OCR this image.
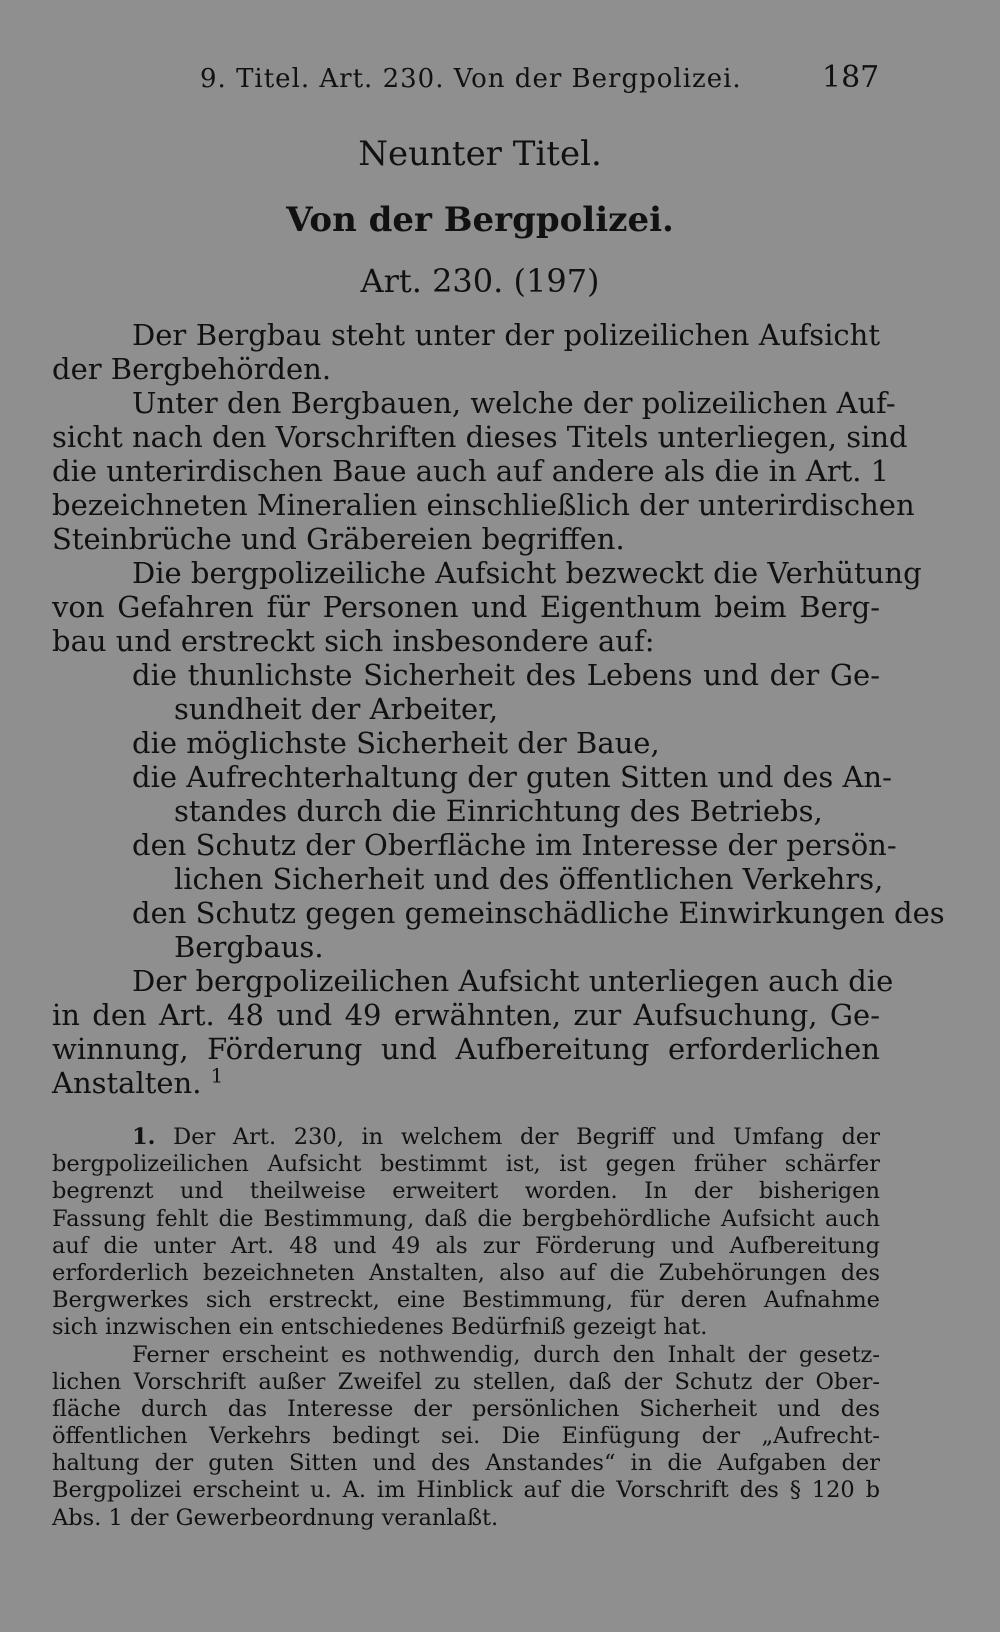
9. Titel. Art. 230. Von der Bergpolizei.	187
Neunter Titel.
Von der Bergpolizei.
Art. 230. (197)
Der Bergbau steht unter der polizeilichen Aufsicht
der Bergbehörden.
Unter den Bergbauen, welche der polizeilichen Auf-
sicht nach den Vorschriften dieses Titels unterliegen, sind
die unterirdischen Baue auch auf andere als die in Art. 1
bezeichneten Mineralien einschließlich der unterirdischen
Steinbrüche und Gräbereien begriffen.
Die bergpolizeiliche Aufsicht bezweckt die Verhütung
von Gefahren für Personen und Eigenthum beim Berg-
bau und erstreckt sich insbesondere auf:
die thunlichste Sicherheit des Lebens und der Ge-
sundheit der Arbeiter,
die möglichste Sicherheit der Baue,
die Aufrechterhaltung der guten Sitten und des An-
standes durch die Einrichtung des Betriebs,
den Schutz der Oberfläche im Interesse der persön-
lichen Sicherheit und des öffentlichen Verkehrs,
den Schutz gegen gemeinschädliche Einwirkungen des
Bergbaus.
Der bergpolizeilichen Aufsicht unterliegen auch die
in den Art. 48 und 49 erwähnten, zur Aufsuchung, Ge-
winnung, Förderung und Aufbereitung erforderlichen
Anstalten. $^1$
1. Der Art. 230, in welchem der Begriff und Umfang der
bergpolizeilichen Aufsicht bestimmt ist, ist gegen früher schärfer
begrenzt und theilweise erweitert worden. In der bisherigen
Fassung fehlt die Bestimmung, daß die bergbehördliche Aufsicht auch
auf die unter Art. 48 und 49 als zur Förderung und Aufbereitung
erforderlich bezeichneten Anstalten, also auf die Zubehörungen des
Bergwerkes sich erstreckt, eine Bestimmung, für deren Aufnahme
sich inzwischen ein entschiedenes Bedürfniß gezeigt hat.
Ferner erscheint es nothwendig, durch den Inhalt der gesetz-
lichen Vorschrift außer Zweifel zu stellen, daß der Schutz der Ober-
fläche durch das Interesse der persönlichen Sicherheit und des
öffentlichen Verkehrs bedingt sei. Die Einfügung der „Aufrecht-
haltung der guten Sitten und des Anstandes“ in die Aufgaben der
Bergpolizei erscheint u. A. im Hinblick auf die Vorschrift des § 120 b
Abs. 1 der Gewerbeordnung veranlaßt.
